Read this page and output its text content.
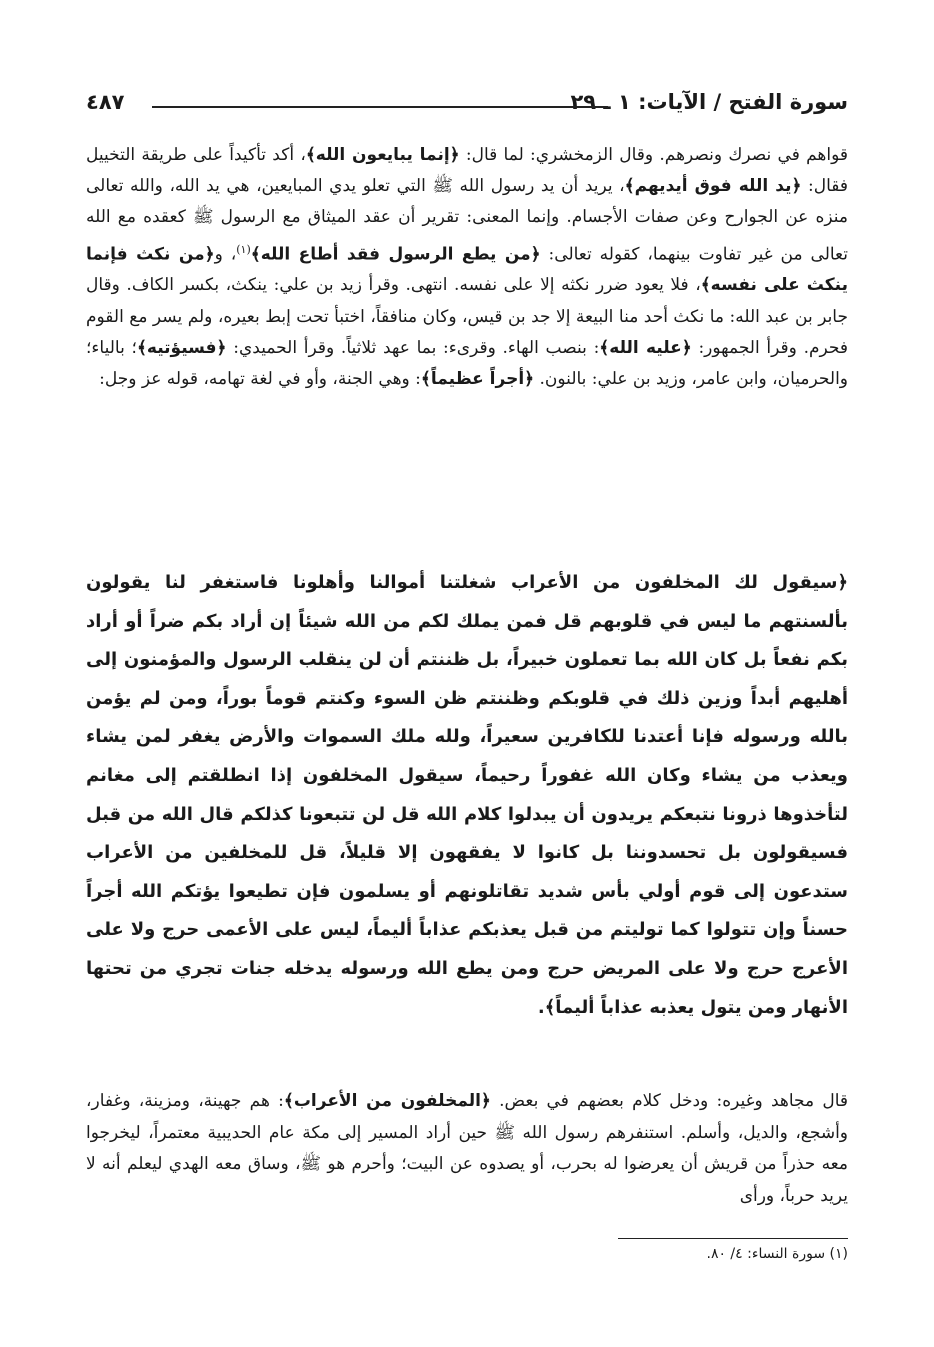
سورة الفتح / الآيات: ١ ـ ٢٩
٤٨٧

قواهم في نصرك ونصرهم. وقال الزمخشري: لما قال: ﴿إنما يبايعون الله﴾، أكد تأكيداً على طريقة التخييل فقال: ﴿يد الله فوق أيديهم﴾، يريد أن يد رسول الله ﷺ التي تعلو يدي المبايعين، هي يد الله، والله تعالى منزه عن الجوارح وعن صفات الأجسام. وإنما المعنى: تقرير أن عقد الميثاق مع الرسول ﷺ كعقده مع الله تعالى من غير تفاوت بينهما، كقوله تعالى: ﴿من يطع الرسول فقد أطاع الله﴾$^{(١)}$، و﴿من نكث فإنما ينكث على نفسه﴾، فلا يعود ضرر نكثه إلا على نفسه. انتهى. وقرأ زيد بن علي: ينكث، بكسر الكاف. وقال جابر بن عبد الله: ما نكث أحد منا البيعة إلا جد بن قيس، وكان منافقاً، اختبأ تحت إبط بعيره، ولم يسر مع القوم فحرم. وقرأ الجمهور: ﴿عليه الله﴾: بنصب الهاء. وقرىء: بما عهد ثلاثياً. وقرأ الحميدي: ﴿فسيؤتيه﴾؛ بالياء؛ والحرميان، وابن عامر، وزيد بن علي: بالنون. ﴿أجراً عظيماً﴾: وهي الجنة، وأو في لغة تهامه، قوله عز وجل:

﴿سيقول لك المخلفون من الأعراب شغلتنا أموالنا وأهلونا فاستغفر لنا يقولون بألسنتهم ما ليس في قلوبهم قل فمن يملك لكم من الله شيئاً إن أراد بكم ضراً أو أراد بكم نفعاً بل كان الله بما تعملون خبيراً، بل ظننتم أن لن ينقلب الرسول والمؤمنون إلى أهليهم أبداً وزين ذلك في قلوبكم وظننتم ظن السوء وكنتم قوماً بوراً، ومن لم يؤمن بالله ورسوله فإنا أعتدنا للكافرين سعيراً، ولله ملك السموات والأرض يغفر لمن يشاء ويعذب من يشاء وكان الله غفوراً رحيماً، سيقول المخلفون إذا انطلقتم إلى مغانم لتأخذوها ذرونا نتبعكم يريدون أن يبدلوا كلام الله قل لن تتبعونا كذلكم قال الله من قبل فسيقولون بل تحسدوننا بل كانوا لا يفقهون إلا قليلاً، قل للمخلفين من الأعراب ستدعون إلى قوم أولي بأس شديد تقاتلونهم أو يسلمون فإن تطيعوا يؤتكم الله أجراً حسناً وإن تتولوا كما توليتم من قبل يعذبكم عذاباً أليماً، ليس على الأعمى حرج ولا على الأعرج حرج ولا على المريض حرج ومن يطع الله ورسوله يدخله جنات تجري من تحتها الأنهار ومن يتول يعذبه عذاباً أليماً﴾.

قال مجاهد وغيره: ودخل كلام بعضهم في بعض. ﴿المخلفون من الأعراب﴾: هم جهينة، ومزينة، وغفار، وأشجع، والديل، وأسلم. استنفرهم رسول الله ﷺ حين أراد المسير إلى مكة عام الحديبية معتمراً، ليخرجوا معه حذراً من قريش أن يعرضوا له بحرب، أو يصدوه عن البيت؛ وأحرم هو ﷺ، وساق معه الهدي ليعلم أنه لا يريد حرباً، ورأى

(١) سورة النساء: ٤/ ٨٠.
